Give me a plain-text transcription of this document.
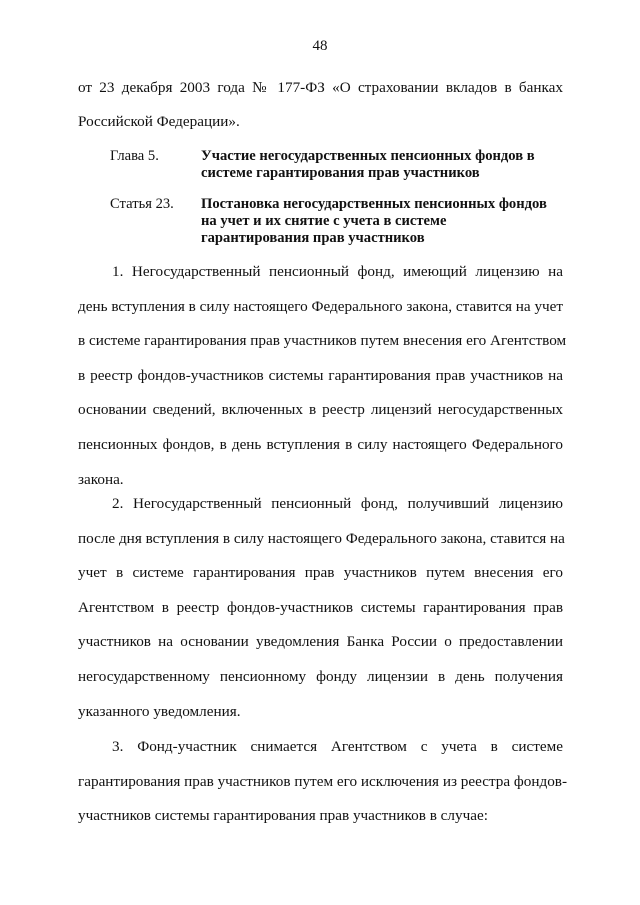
48
от 23 декабря 2003 года № 177-ФЗ «О страховании вкладов в банках
Российской Федерации».
Глава 5.	Участие негосударственных пенсионных фондов в
системе гарантирования прав участников
Статья 23.	Постановка негосударственных пенсионных фондов
на учет и их снятие с учета в системе
гарантирования прав участников
1. Негосударственный пенсионный фонд, имеющий лицензию на
день вступления в силу настоящего Федерального закона, ставится на учет
в системе гарантирования прав участников путем внесения его Агентством
в реестр фондов-участников системы гарантирования прав участников на
основании сведений, включенных в реестр лицензий негосударственных
пенсионных фондов, в день вступления в силу настоящего Федерального
закона.
2. Негосударственный пенсионный фонд, получивший лицензию
после дня вступления в силу настоящего Федерального закона, ставится на
учет в системе гарантирования прав участников путем внесения его
Агентством в реестр фондов-участников системы гарантирования прав
участников на основании уведомления Банка России о предоставлении
негосударственному пенсионному фонду лицензии в день получения
указанного уведомления.
3. Фонд-участник снимается Агентством с учета в системе
гарантирования прав участников путем его исключения из реестра фондов-
участников системы гарантирования прав участников в случае:
